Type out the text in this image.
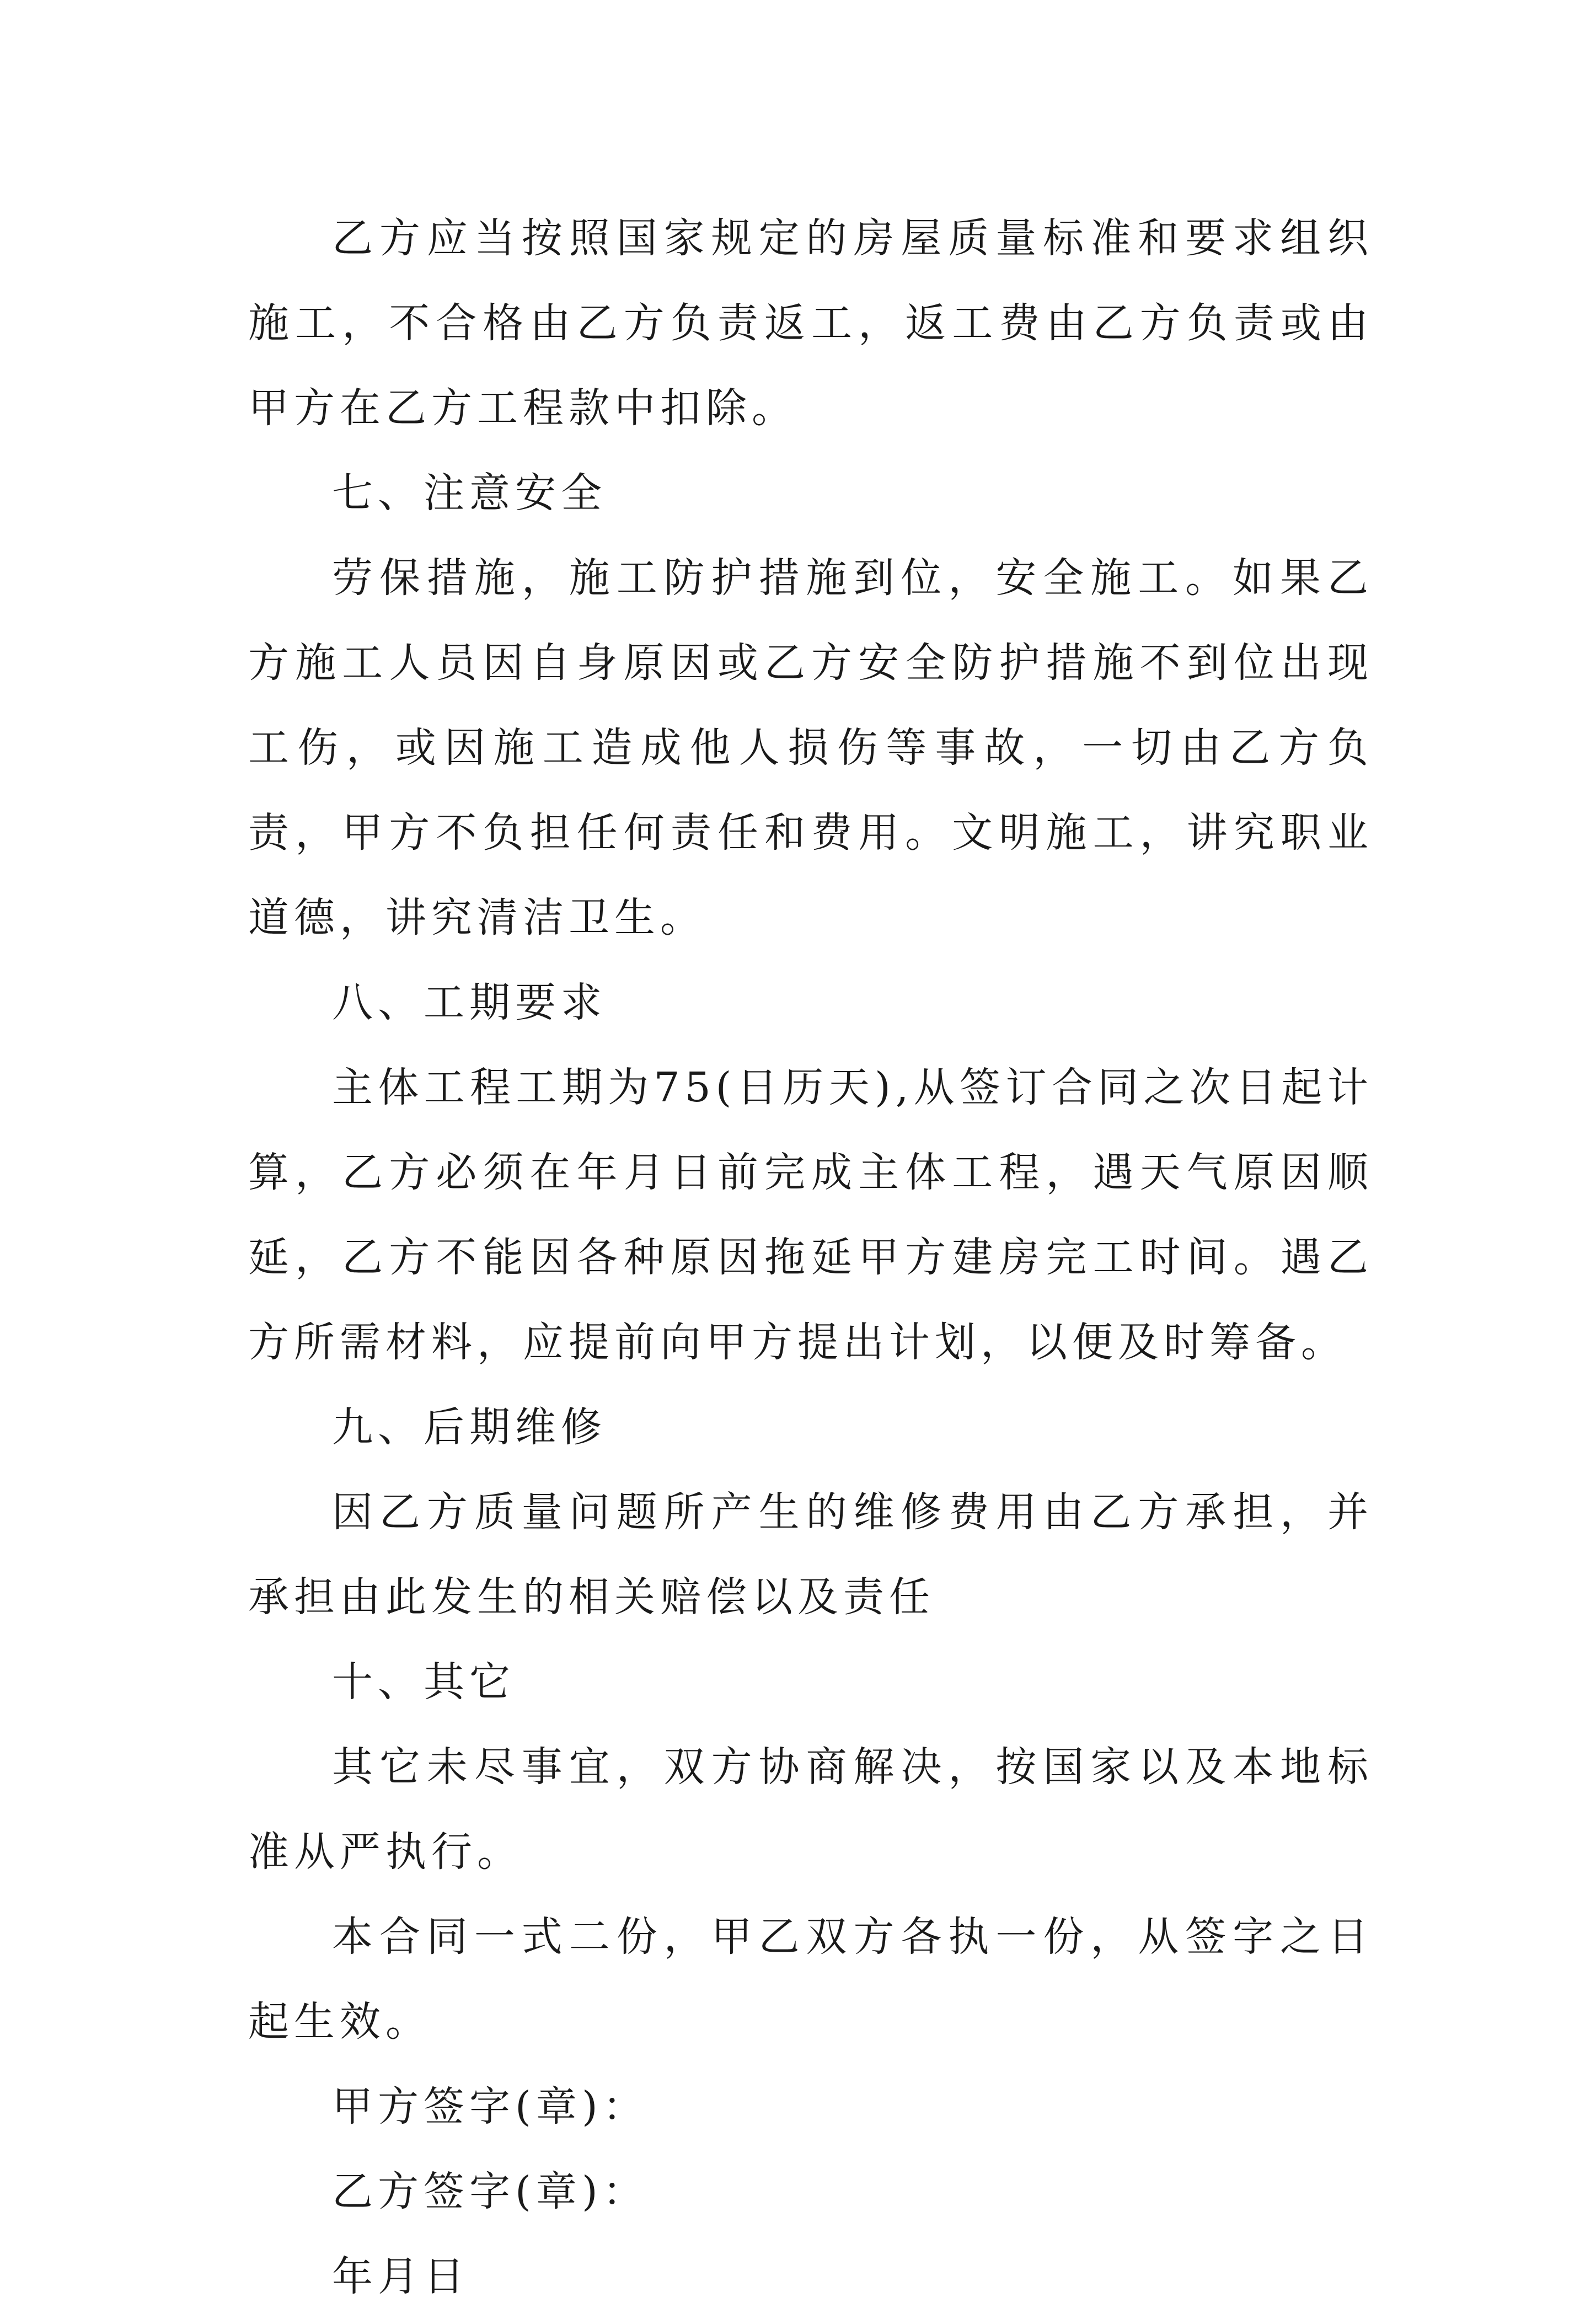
乙方应当按照国家规定的房屋质量标准和要求组织施工，不合格由乙方负责返工，返工费由乙方负责或由甲方在乙方工程款中扣除。

七、注意安全

劳保措施，施工防护措施到位，安全施工。如果乙方施工人员因自身原因或乙方安全防护措施不到位出现工伤，或因施工造成他人损伤等事故，一切由乙方负责，甲方不负担任何责任和费用。文明施工，讲究职业道德，讲究清洁卫生。

八、工期要求

主体工程工期为75(日历天),从签订合同之次日起计算，乙方必须在年月日前完成主体工程，遇天气原因顺延，乙方不能因各种原因拖延甲方建房完工时间。遇乙方所需材料，应提前向甲方提出计划，以便及时筹备。

九、后期维修

因乙方质量问题所产生的维修费用由乙方承担，并承担由此发生的相关赔偿以及责任

十、其它

其它未尽事宜，双方协商解决，按国家以及本地标准从严执行。

本合同一式二份，甲乙双方各执一份，从签字之日起生效。

甲方签字(章)：

乙方签字(章)：

年月日
